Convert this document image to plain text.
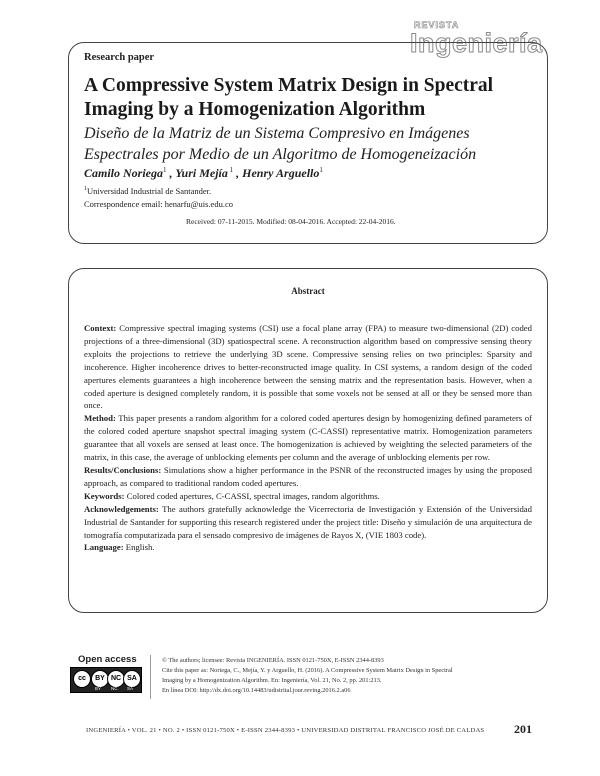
REVISTA
Ingeniería
Research paper
A Compressive System Matrix Design in Spectral Imaging by a Homogenization Algorithm
Diseño de la Matriz de un Sistema Compresivo en Imágenes Espectrales por Medio de un Algoritmo de Homogeneización
Camilo Noriega$^1$ , Yuri Mejía $^1$ , Henry Arguello$^1$
$^1$Universidad Industrial de Santander.
Correspondence email: henarfu@uis.edu.co
Received: 07-11-2015. Modified: 08-04-2016. Accepted: 22-04-2016.
Abstract

Context: Compressive spectral imaging systems (CSI) use a focal plane array (FPA) to measure two-dimensional (2D) coded projections of a three-dimensional (3D) spatiospectral scene. A reconstruction algorithm based on compressive sensing theory exploits the projections to retrieve the underlying 3D scene. Compressive sensing relies on two principles: Sparsity and incoherence. Higher incoherence drives to better-reconstructed image quality. In CSI systems, a random design of the coded apertures elements guarantees a high incoherence between the sensing matrix and the representation basis. However, when a coded aperture is designed completely random, it is possible that some voxels not be sensed at all or they be sensed more than once.

Method: This paper presents a random algorithm for a colored coded apertures design by homogenizing defined parameters of the colored coded aperture snapshot spectral imaging system (C-CASSI) representative matrix. Homogenization parameters guarantee that all voxels are sensed at least once. The homogenization is achieved by weighting the selected parameters of the matrix, in this case, the average of unblocking elements per column and the average of unblocking elements per row.

Results/Conclusions: Simulations show a higher performance in the PSNR of the reconstructed images by using the proposed approach, as compared to traditional random coded apertures.

Keywords: Colored coded apertures, C-CASSI, spectral images, random algorithms.

Acknowledgements: The authors gratefully acknowledge the Vicerrectoria de Investigación y Extensión of the Universidad Industrial de Santander for supporting this research registered under the project title: Diseño y simulación de una arquitectura de tomografía computarizada para el sensado compresivo de imágenes de Rayos X, (VIE 1803 code).

Language: English.

Open access
cc	BY NC SA
BY NC SA
© The authors; licensee: Revista INGENIERÍA. ISSN 0121-750X, E-ISSN 2344-8393
Cite this paper as: Noriega, C., Mejía, Y. y Arguello, H. (2016). A Compressive System Matrix Design in Spectral
Imaging by a Homogenization Algorithm. En: Ingeniería, Vol. 21, No. 2, pp. 201:213.
En línea DOI: http://dx.doi.org/10.14483/udistrital.jour.reving.2016.2.a06
INGENIERÍA • VOL. 21 • NO. 2 • ISSN 0121-750X • E-ISSN 2344-8393 • UNIVERSIDAD DISTRITAL FRANCISCO JOSÉ DE CALDAS 201
